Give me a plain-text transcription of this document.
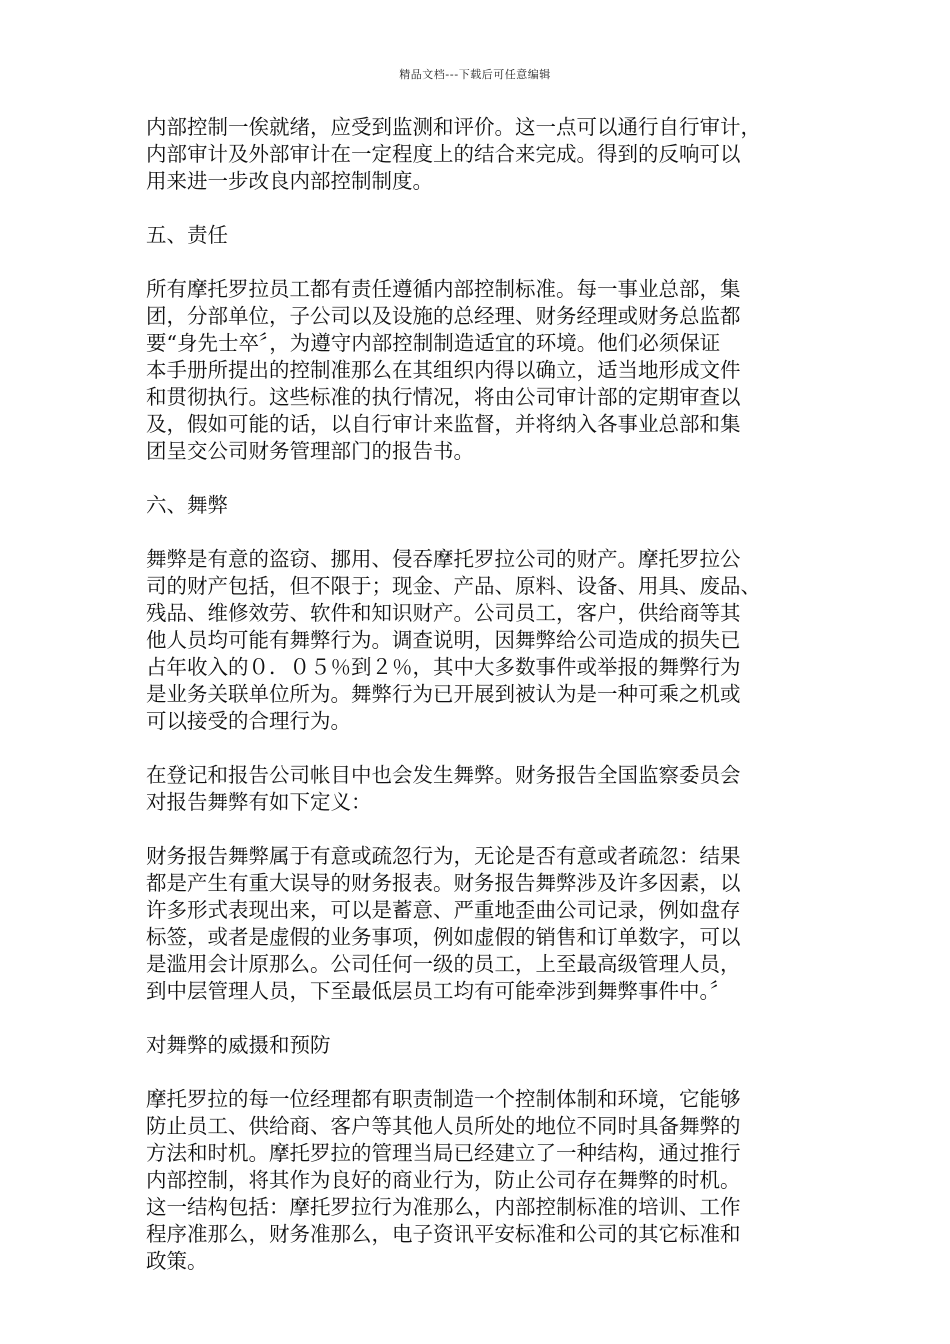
精品文档---下载后可任意编辑

内部控制一俟就绪，应受到监测和评价。这一点可以通行自行审计，
内部审计及外部审计在一定程度上的结合来完成。得到的反响可以
用来进一步改良内部控制制度。

五、责任

所有摩托罗拉员工都有责任遵循内部控制标准。每一事业总部，集
团，分部单位，子公司以及设施的总经理、财务经理或财务总监都
要“身先士卒〞，为遵守内部控制制造适宜的环境。他们必须保证
本手册所提出的控制准那么在其组织内得以确立，适当地形成文件
和贯彻执行。这些标准的执行情况，将由公司审计部的定期审查以
及，假如可能的话，以自行审计来监督，并将纳入各事业总部和集
团呈交公司财务管理部门的报告书。

六、舞弊

舞弊是有意的盗窃、挪用、侵吞摩托罗拉公司的财产。摩托罗拉公
司的财产包括，但不限于；现金、产品、原料、设备、用具、废品、
残品、维修效劳、软件和知识财产。公司员工，客户，供给商等其
他人员均可能有舞弊行为。调查说明，因舞弊给公司造成的损失已
占年收入的０．０５％到２％，其中大多数事件或举报的舞弊行为
是业务关联单位所为。舞弊行为已开展到被认为是一种可乘之机或
可以接受的合理行为。

在登记和报告公司帐目中也会发生舞弊。财务报告全国监察委员会
对报告舞弊有如下定义：

财务报告舞弊属于有意或疏忽行为，无论是否有意或者疏忽：结果
都是产生有重大误导的财务报表。财务报告舞弊涉及许多因素，以
许多形式表现出来，可以是蓄意、严重地歪曲公司记录，例如盘存
标签，或者是虚假的业务事项，例如虚假的销售和订单数字，可以
是滥用会计原那么。公司任何一级的员工，上至最高级管理人员，
到中层管理人员，下至最低层员工均有可能牵涉到舞弊事件中。〞

对舞弊的威摄和预防

摩托罗拉的每一位经理都有职责制造一个控制体制和环境，它能够
防止员工、供给商、客户等其他人员所处的地位不同时具备舞弊的
方法和时机。摩托罗拉的管理当局已经建立了一种结构，通过推行
内部控制，将其作为良好的商业行为，防止公司存在舞弊的时机。
这一结构包括：摩托罗拉行为准那么，内部控制标准的培训、工作
程序准那么，财务准那么，电子资讯平安标准和公司的其它标准和
政策。
